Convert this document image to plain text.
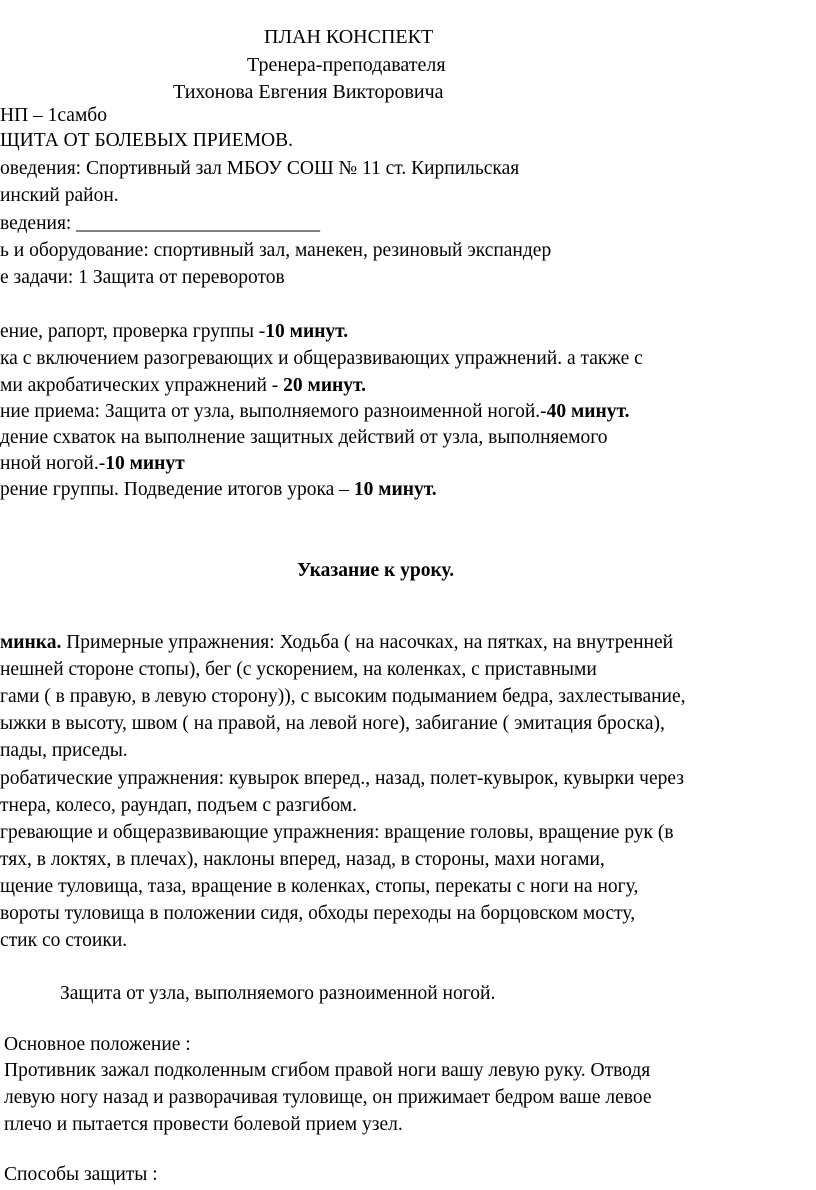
ПЛАН КОНСПЕКТ
Тренера-преподавателя
Тихонова Евгения Викторовича
НП – 1самбо
ЩИТА ОТ БОЛЕВЫХ ПРИЕМОВ.
оведения: Спортивный зал МБОУ СОШ № 11 ст. Кирпильская
инский район.
ведения: _________________________
ь и оборудование: спортивный зал, манекен, резиновый экспандер
е задачи: 1 Защита от переворотов
ение, рапорт, проверка группы -10 минут.
ка с включением разогревающих и общеразвивающих упражнений. а также с
ми акробатических упражнений - 20 минут.
ние приема: Защита от узла, выполняемого разноименной ногой.-40 минут.
дение схваток на выполнение защитных действий от узла, выполняемого
нной ногой.-10 минут
рение группы. Подведение итогов урока – 10 минут.
Указание к уроку.
минка. Примерные упражнения: Ходьба ( на насочках, на пятках, на внутренней
нешней стороне стопы), бег (с ускорением, на коленках, с приставными
гами ( в правую, в левую сторону)), с высоким подыманием бедра, захлестывание,
ыжки в высоту, швом ( на правой, на левой ноге), забигание ( эмитация броска),
пады, приседы.
робатические упражнения: кувырок вперед., назад, полет-кувырок, кувырки через
тнера, колесо, раундап, подъем с разгибом.
гревающие и общеразвивающие упражнения: вращение головы, вращение рук (в
тях, в локтях, в плечах), наклоны вперед, назад, в стороны, махи ногами,
щение туловища, таза, вращение в коленках, стопы, перекаты с ноги на ногу,
вороты туловища в положении сидя, обходы переходы на борцовском мосту,
стик со стоики.
Защита от узла, выполняемого разноименной ногой.
Основное положение :
Противник зажал подколенным сгибом правой ноги вашу левую руку. Отводя
левую ногу назад и разворачивая туловище, он прижимает бедром ваше левое
плечо и пытается провести болевой прием узел.
Способы защиты :
